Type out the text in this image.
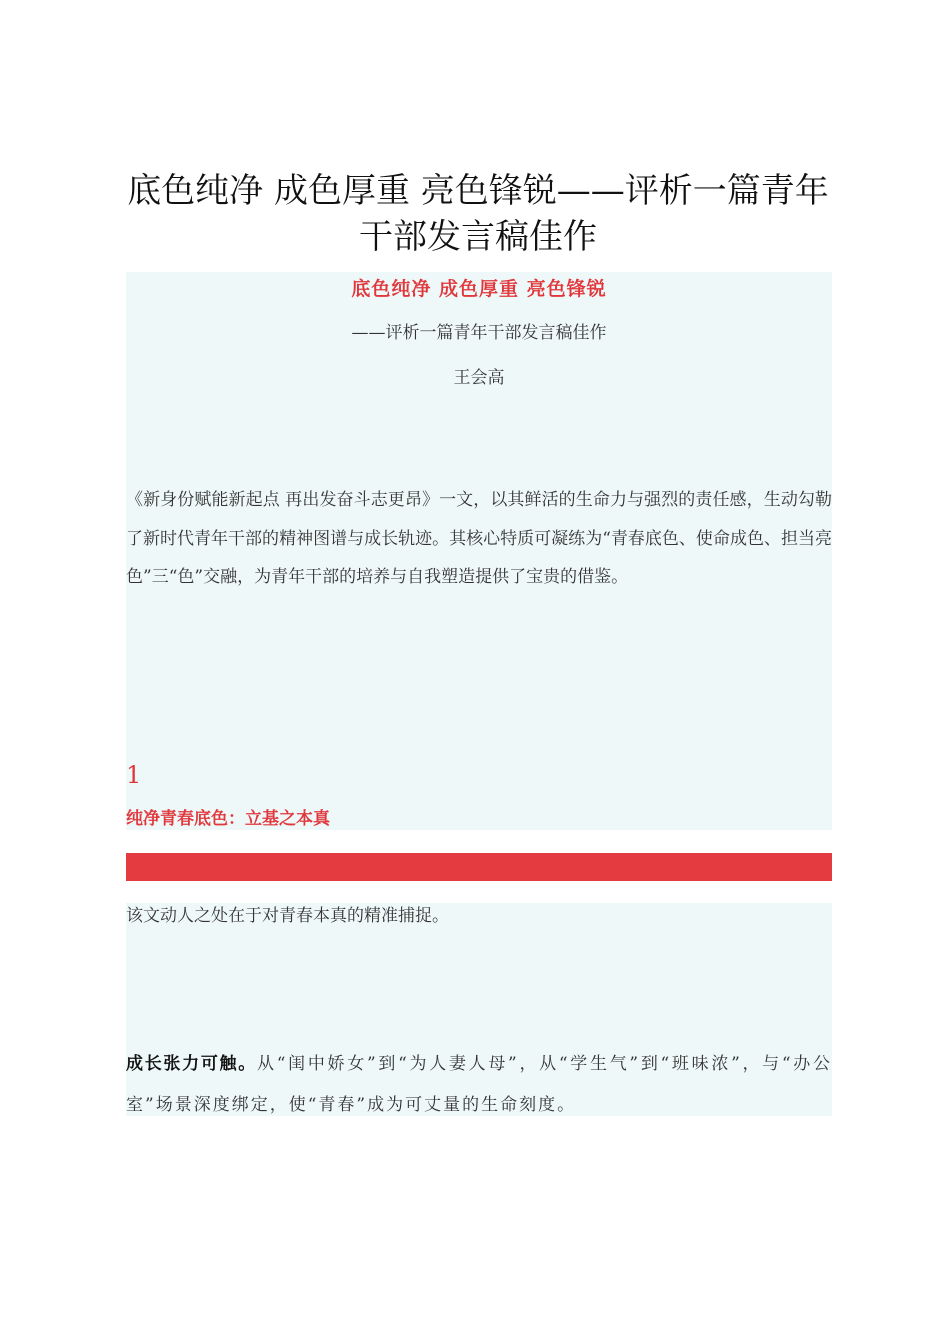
底色纯净 成色厚重 亮色锋锐——评析一篇青年干部发言稿佳作
底色纯净 成色厚重 亮色锋锐
——评析一篇青年干部发言稿佳作
王会高
《新身份赋能新起点 再出发奋斗志更昂》一文，以其鲜活的生命力与强烈的责任感，生动勾勒了新时代青年干部的精神图谱与成长轨迹。其核心特质可凝练为“青春底色、使命成色、担当亮色”三“色”交融，为青年干部的培养与自我塑造提供了宝贵的借鉴。
1
纯净青春底色：立基之本真
该文动人之处在于对青春本真的精准捕捉。
成长张力可触。从“闺中娇女”到“为人妻人母”，从“学生气”到“班味浓”，与“办公室”场景深度绑定，使“青春”成为可丈量的生命刻度。
